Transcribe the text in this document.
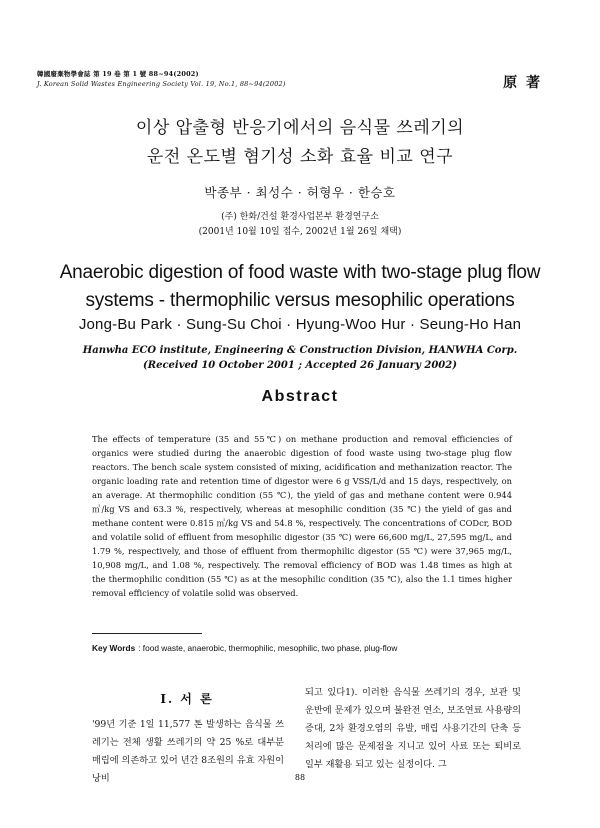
韓國廢棄物學會誌 第 19 卷 第 1 號 88~94(2002)
J. Korean Solid Wastes Engineering Society Vol. 19, No.1, 88~94(2002)	原 著
이상 압출형 반응기에서의 음식물 쓰레기의
운전 온도별 혐기성 소화 효율 비교 연구
박종부 · 최성수 · 허형우 · 한승호
(주) 한화/건설 환경사업본부 환경연구소
(2001년 10월 10일 접수, 2002년 1월 26일 채택)
Anaerobic digestion of food waste with two-stage plug flow
systems - thermophilic versus mesophilic operations
Jong-Bu Park · Sung-Su Choi · Hyung-Woo Hur · Seung-Ho Han
Hanwha ECO institute, Engineering & Construction Division, HANWHA Corp.
(Received 10 October 2001 ; Accepted 26 January 2002)
Abstract
The effects of temperature (35 and 55℃) on methane production and removal efficiencies of organics were studied during the anaerobic digestion of food waste using two-stage plug flow reactors. The bench scale system consisted of mixing, acidification and methanization reactor. The organic loading rate and retention time of digestor were 6 g VSS/L/d and 15 days, respectively, on an average. At thermophilic condition (55 ℃), the yield of gas and methane content were 0.944 ㎥/kg VS and 63.3 %, respectively, whereas at mesophilic condition (35 ℃) the yield of gas and methane content were 0.815 ㎥/kg VS and 54.8 %, respectively. The concentrations of CODcr, BOD and volatile solid of effluent from mesophilic digestor (35 ℃) were 66,600 mg/L, 27,595 mg/L, and 1.79 %, respectively, and those of effluent from thermophilic digestor (55 ℃) were 37,965 mg/L, 10,908 mg/L, and 1.08 %, respectively. The removal efficiency of BOD was 1.48 times as high at the thermophilic condition (55 ℃) as at the mesophilic condition (35 ℃), also the 1.1 times higher removal efficiency of volatile solid was observed.
Key Words : food waste, anaerobic, thermophilic, mesophilic, two phase, plug-flow
Ⅰ. 서 론
'99년 기준 1일 11,577 톤 발생하는 음식물 쓰레기는 전체 생활 쓰레기의 약 25 %로 대부분 매립에 의존하고 있어 년간 8조원의 유효 자원이 낭비
되고 있다1). 이러한 음식물 쓰레기의 경우, 보관 및 운반에 문제가 있으며 불완전 연소, 보조연료 사용량의 증대, 2차 환경오염의 유발, 매립 사용기간의 단축 등 처리에 많은 문제점을 지니고 있어 사료 또는 퇴비로 일부 재활용 되고 있는 실정이다. 그
88
